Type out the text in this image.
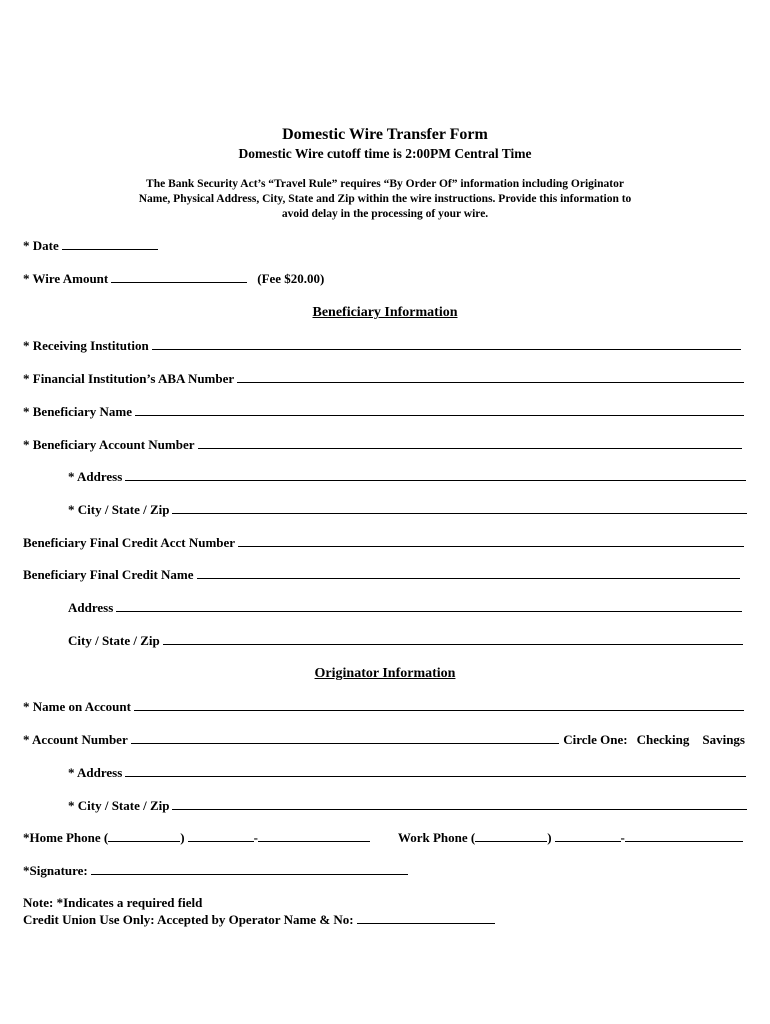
Domestic Wire Transfer Form
Domestic Wire cutoff time is 2:00PM Central Time
The Bank Security Act’s “Travel Rule” requires “By Order Of” information including Originator
Name, Physical Address, City, State and Zip within the wire instructions. Provide this information to
avoid delay in the processing of your wire.
* Date
* Wire Amount	(Fee $20.00)
Beneficiary Information
* Receiving Institution
* Financial Institution’s ABA Number
* Beneficiary Name
* Beneficiary Account Number
* Address
* City / State / Zip
Beneficiary Final Credit Acct Number
Beneficiary Final Credit Name
Address
City / State / Zip
Originator Information
* Name on Account
* Account Number	Circle One: Checking Savings
* Address
* City / State / Zip
*Home Phone (	)	-	Work Phone (	)	-
*Signature:
Note: *Indicates a required field
Credit Union Use Only: Accepted by Operator Name & No:
